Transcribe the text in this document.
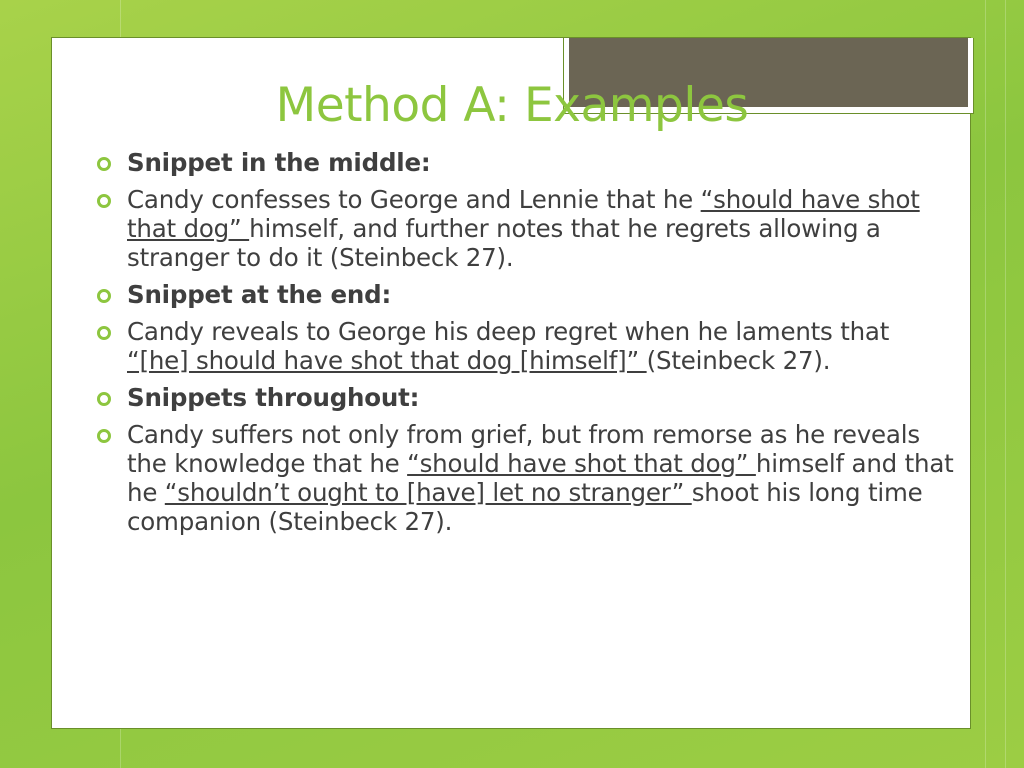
Method A: Examples
Snippet in the middle:
Candy confesses to George and Lennie that he “should have shot that dog” himself, and further notes that he regrets allowing a stranger to do it (Steinbeck 27).
Snippet at the end:
Candy reveals to George his deep regret when he laments that “[he] should have shot that dog [himself]” (Steinbeck 27).
Snippets throughout:
Candy suffers not only from grief, but from remorse as he reveals the knowledge that he “should have shot that dog” himself and that he “shouldn’t ought to [have] let no stranger” shoot his long time companion (Steinbeck 27).
